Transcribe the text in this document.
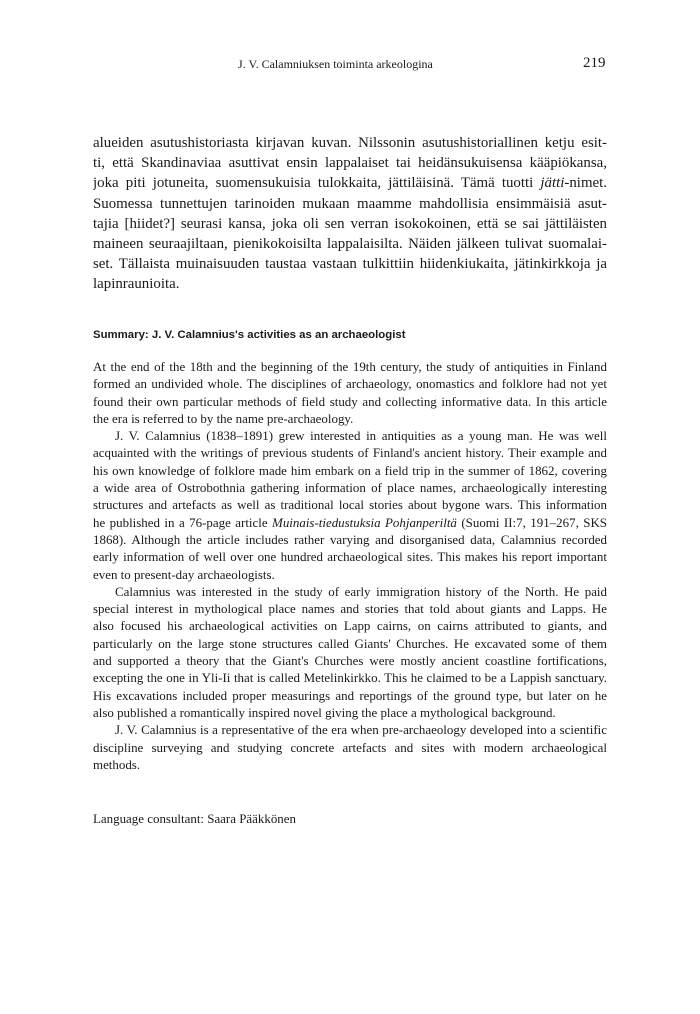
J. V. Calamniuksen toiminta arkeologina	219
alueiden asutushistoriasta kirjavan kuvan. Nilssonin asutushistoriallinen ketju esit-
ti, että Skandinaviaa asuttivat ensin lappalaiset tai heidänsukuisensa kääpiökansa,
joka piti jotuneita, suomensukuisia tulokkaita, jättiläisinä. Tämä tuotti jätti-nimet.
Suomessa tunnettujen tarinoiden mukaan maamme mahdollisia ensimmäisiä asut-
tajia [hiidet?] seurasi kansa, joka oli sen verran isokokoinen, että se sai jättiläisten
maineen seuraajiltaan, pienikokoisilta lappalaisilta. Näiden jälkeen tulivat suomalai-
set. Tällaista muinaisuuden taustaa vastaan tulkittiin hiidenkiukaita, jätinkirkkoja ja
lapinraunioita.
Summary: J. V. Calamnius's activities as an archaeologist
At the end of the 18th and the beginning of the 19th century, the study of antiquities in Finland
formed an undivided whole. The disciplines of archaeology, onomastics and folklore had not yet
found their own particular methods of field study and collecting informative data. In this article
the era is referred to by the name pre-archaeology.
J. V. Calamnius (1838–1891) grew interested in antiquities as a young man. He was well
acquainted with the writings of previous students of Finland's ancient history. Their example and
his own knowledge of folklore made him embark on a field trip in the summer of 1862, covering
a wide area of Ostrobothnia gathering information of place names, archaeologically interesting
structures and artefacts as well as traditional local stories about bygone wars. This information
he published in a 76-page article Muinais-tiedustuksia Pohjanperiltä (Suomi II:7, 191–267, SKS
1868). Although the article includes rather varying and disorganised data, Calamnius recorded
early information of well over one hundred archaeological sites. This makes his report important
even to present-day archaeologists.
Calamnius was interested in the study of early immigration history of the North. He paid
special interest in mythological place names and stories that told about giants and Lapps. He
also focused his archaeological activities on Lapp cairns, on cairns attributed to giants, and
particularly on the large stone structures called Giants' Churches. He excavated some of them
and supported a theory that the Giant's Churches were mostly ancient coastline fortifications,
excepting the one in Yli-Ii that is called Metelinkirkko. This he claimed to be a Lappish sanctuary.
His excavations included proper measurings and reportings of the ground type, but later on he
also published a romantically inspired novel giving the place a mythological background.
J. V. Calamnius is a representative of the era when pre-archaeology developed into a scientific
discipline surveying and studying concrete artefacts and sites with modern archaeological
methods.
Language consultant: Saara Pääkkönen
